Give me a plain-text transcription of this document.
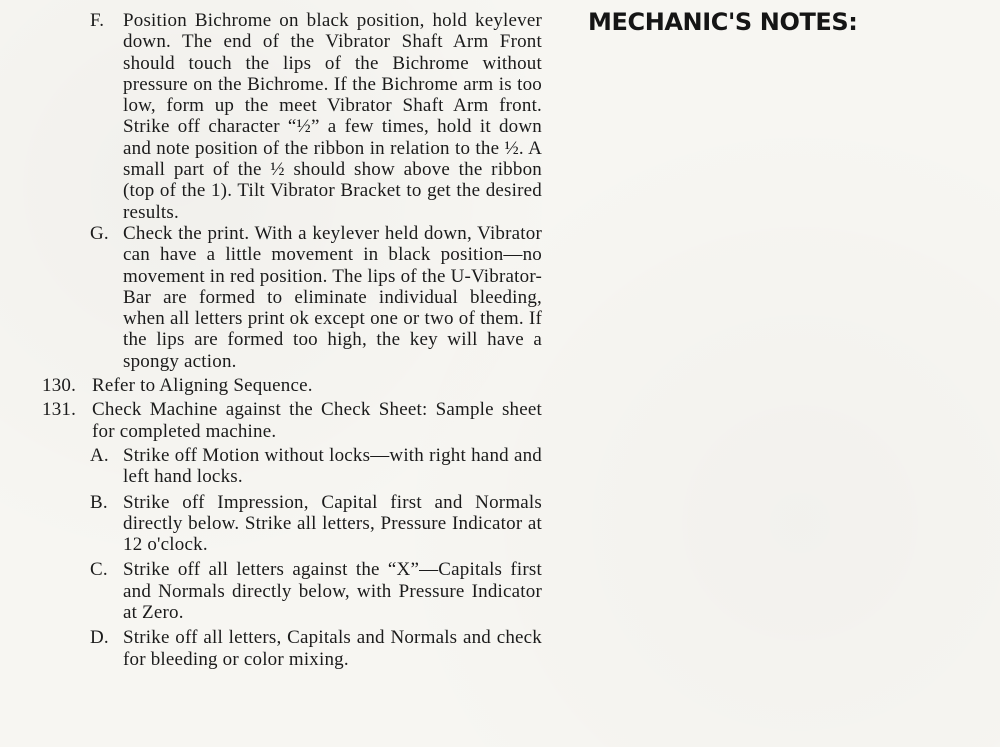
F. Position Bichrome on black position, hold keylever down. The end of the Vibrator Shaft Arm Front should touch the lips of the Bichrome without pressure on the Bichrome. If the Bichrome arm is too low, form up the meet Vibrator Shaft Arm front. Strike off character “½” a few times, hold it down and note position of the ribbon in relation to the ½. A small part of the ½ should show above the ribbon (top of the 1). Tilt Vibrator Bracket to get the desired results.
G. Check the print. With a keylever held down, Vibrator can have a little movement in black position—no movement in red position. The lips of the U-Vibrator-Bar are formed to eliminate individual bleeding, when all letters print ok except one or two of them. If the lips are formed too high, the key will have a spongy action.
130. Refer to Aligning Sequence.
131. Check Machine against the Check Sheet: Sample sheet for completed machine.
A. Strike off Motion without locks—with right hand and left hand locks.
B. Strike off Impression, Capital first and Normals directly below. Strike all letters, Pressure Indicator at 12 o'clock.
C. Strike off all letters against the “X”—Capitals first and Normals directly below, with Pressure Indicator at Zero.
D. Strike off all letters, Capitals and Normals and check for bleeding or color mixing.
MECHANIC'S NOTES:
